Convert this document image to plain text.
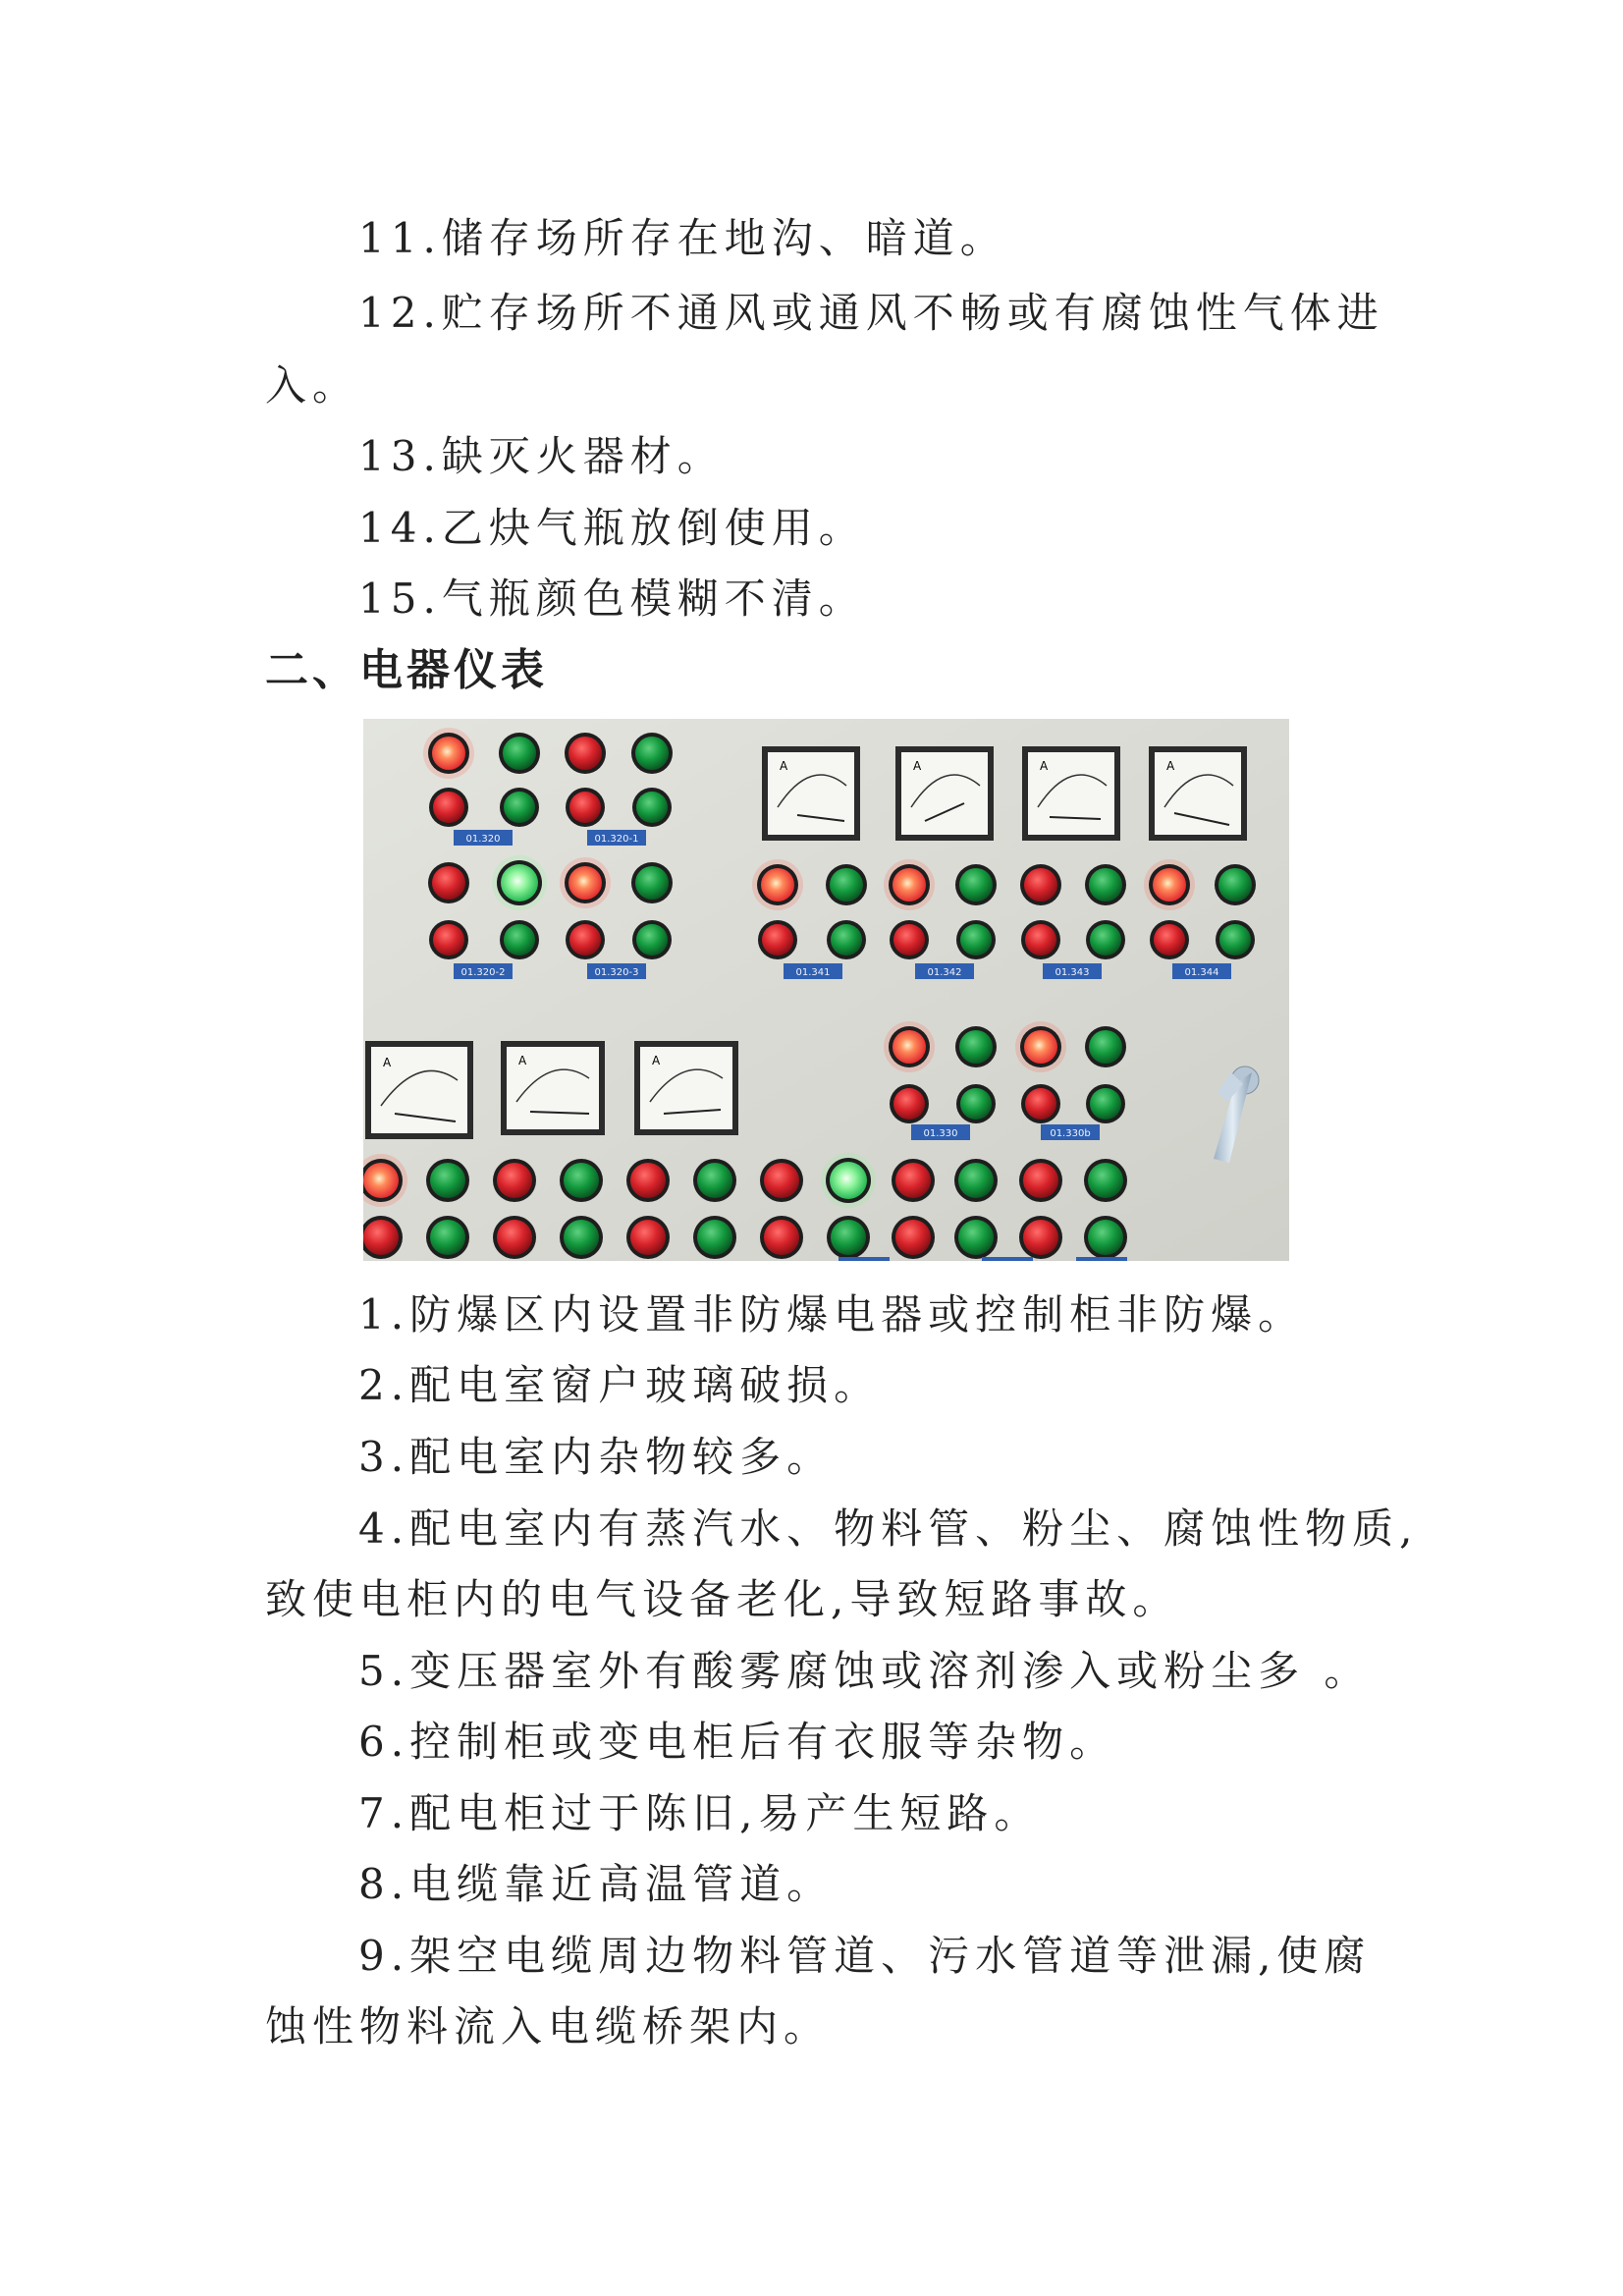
11.储存场所存在地沟、暗道。
12.贮存场所不通风或通风不畅或有腐蚀性气体进
入。
13.缺灭火器材。
14.乙炔气瓶放倒使用。
15.气瓶颜色模糊不清。
二、电器仪表
A	A	A	A
A	A	A
01.320	01.320-1
01.320-2	01.320-3	01.341	01.342	01.343	01.344
01.330	01.330b
1.防爆区内设置非防爆电器或控制柜非防爆。
2.配电室窗户玻璃破损。
3.配电室内杂物较多。
4.配电室内有蒸汽水、物料管、粉尘、腐蚀性物质,
致使电柜内的电气设备老化,导致短路事故。
5.变压器室外有酸雾腐蚀或溶剂渗入或粉尘多 。
6.控制柜或变电柜后有衣服等杂物。
7.配电柜过于陈旧,易产生短路。
8.电缆靠近高温管道。
9.架空电缆周边物料管道、污水管道等泄漏,使腐
蚀性物料流入电缆桥架内。
